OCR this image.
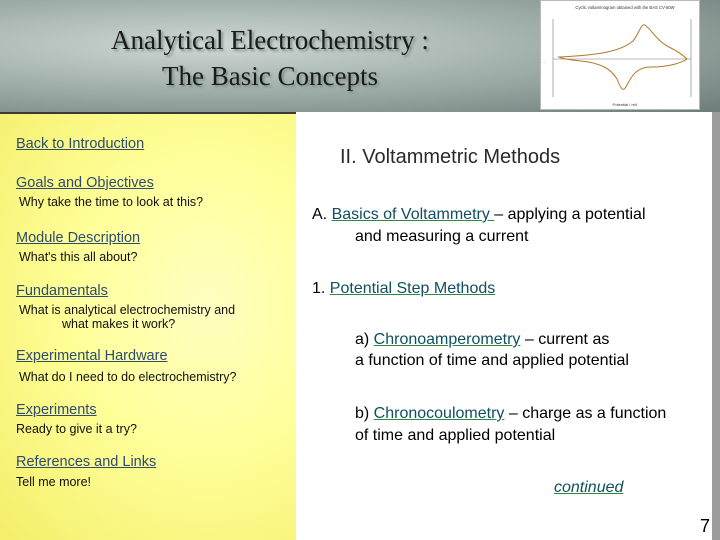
Analytical Electrochemistry :
The Basic Concepts
Cyclic voltammogram obtained with the BAS CV-50W
—
Potential / mV
Back to Introduction
Goals and Objectives
Why take the time to look at this?
Module Description
What's this all about?
Fundamentals
What is analytical electrochemistry and
what makes it work?
Experimental Hardware
What do I need to do electrochemistry?
Experiments
Ready to give it a try?
References and Links
Tell me more!
II. Voltammetric Methods
A. Basics of Voltammetry – applying a potential
and measuring a current
1. Potential Step Methods
a) Chronoamperometry – current as
a function of time and applied potential
b) Chronocoulometry – charge as a function
of time and applied potential
continued
7
